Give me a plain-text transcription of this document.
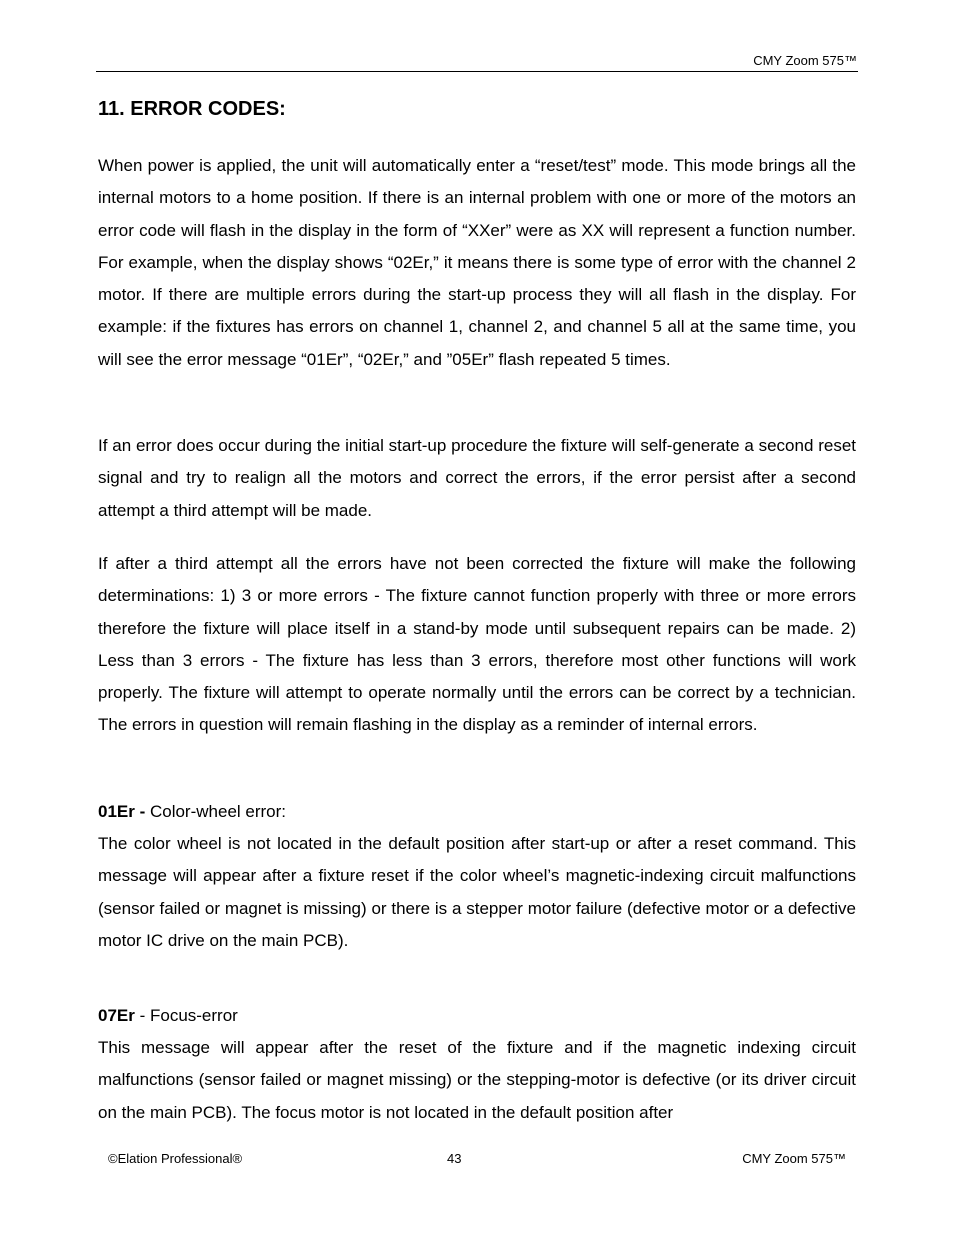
CMY Zoom 575™
11. ERROR CODES:

When power is applied, the unit will automatically enter a “reset/test” mode. This mode brings all the internal motors to a home position. If there is an internal problem with one or more of the motors an error code will flash in the display in the form of “XXer” were as XX will represent a function number. For example, when the display shows “02Er,” it means there is some type of error with the channel 2 motor. If there are multiple errors during the start-up process they will all flash in the display. For example: if the fixtures has errors on channel 1, channel 2, and channel 5 all at the same time, you will see the error message “01Er”, “02Er,” and ”05Er” flash repeated 5 times.

If an error does occur during the initial start-up procedure the fixture will self-generate a second reset signal and try to realign all the motors and correct the errors, if the error persist after a second attempt a third attempt will be made.

If after a third attempt all the errors have not been corrected the fixture will make the following determinations: 1) 3 or more errors - The fixture cannot function properly with three or more errors therefore the fixture will place itself in a stand-by mode until subsequent repairs can be made. 2) Less than 3 errors - The fixture has less than 3 errors, therefore most other functions will work properly. The fixture will attempt to operate normally until the errors can be correct by a technician. The errors in question will remain flashing in the display as a reminder of internal errors.

01Er - Color-wheel error:

The color wheel is not located in the default position after start-up or after a reset command. This message will appear after a fixture reset if the color wheel’s magnetic-indexing circuit malfunctions (sensor failed or magnet is missing) or there is a stepper motor failure (defective motor or a defective motor IC drive on the main PCB).

07Er - Focus-error

This message will appear after the reset of the fixture and if the magnetic indexing circuit malfunctions (sensor failed or magnet missing) or the stepping-motor is defective (or its driver circuit on the main PCB). The focus motor is not located in the default position after

©Elation Professional®	43	CMY Zoom 575™
